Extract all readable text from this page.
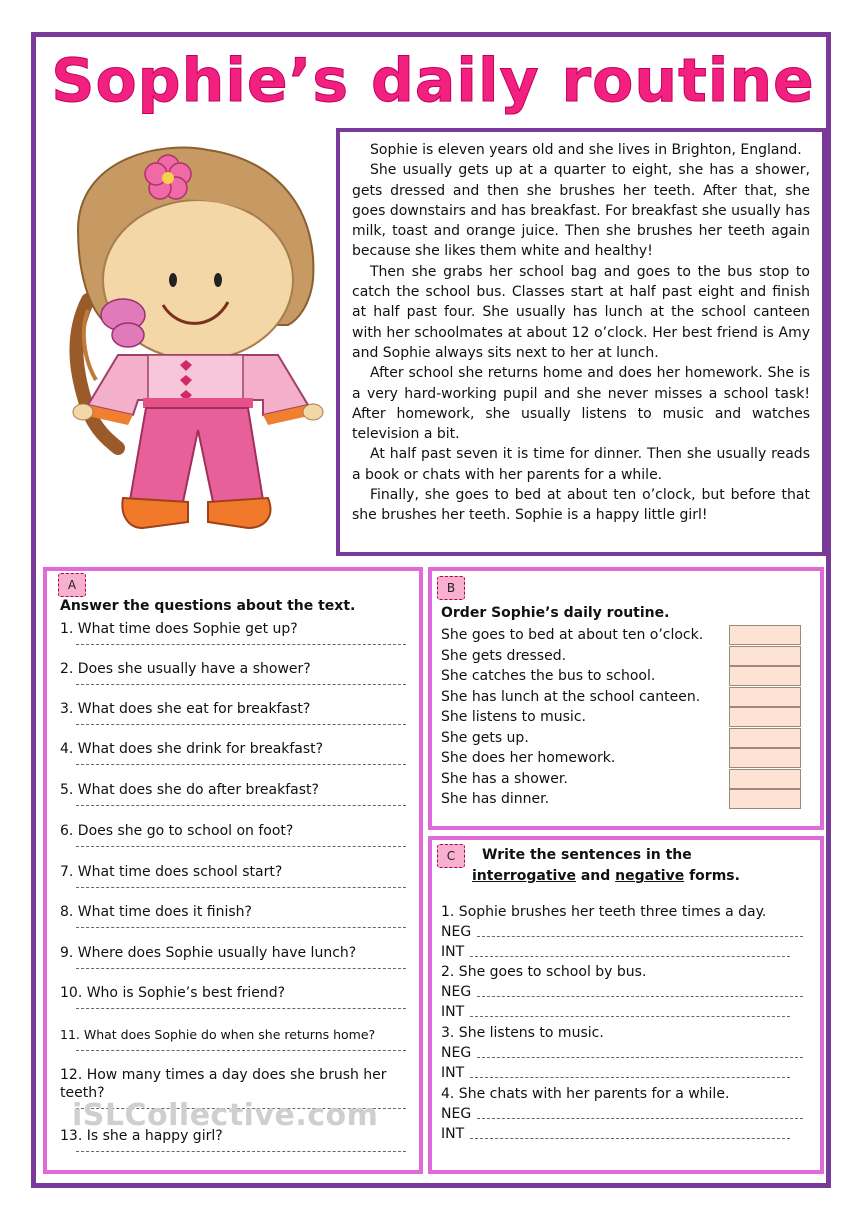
Sophie’s daily routine

Sophie is eleven years old and she lives in Brighton, England.

She usually gets up at a quarter to eight, she has a shower, gets dressed and then she brushes her teeth. After that, she goes downstairs and has breakfast. For breakfast she usually has milk, toast and orange juice. Then she brushes her teeth again because she likes them white and healthy!

Then she grabs her school bag and goes to the bus stop to catch the school bus. Classes start at half past eight and finish at half past four. She usually has lunch at the school canteen with her schoolmates at about 12 o’clock. Her best friend is Amy and Sophie always sits next to her at lunch.

After school she returns home and does her homework. She is a very hard-working pupil and she never misses a school task! After homework, she usually listens to music and watches television a bit.

At half past seven it is time for dinner. Then she usually reads a book or chats with her parents for a while.

Finally, she goes to bed at about ten o’clock, but before that she brushes her teeth. Sophie is a happy little girl!

A
Answer the questions about the text.
1. What time does Sophie get up?
2. Does she usually have a shower?
3. What does she eat for breakfast?
4. What does she drink for breakfast?
5. What does she do after breakfast?
6. Does she go to school on foot?
7. What time does school start?
8. What time does it finish?
9. Where does Sophie usually have lunch?
10. Who is Sophie’s best friend?
11. What does Sophie do when she returns home?
12. How many times a day does she brush her
teeth?
13. Is she a happy girl?
B
Order Sophie’s daily routine.
She goes to bed at about ten o’clock.
She gets dressed.
She catches the bus to school.
She has lunch at the school canteen.
She listens to music.
She gets up.
She does her homework.
She has a shower.
She has dinner.
C	Write the sentences in the
interrogative and negative forms.
1. Sophie brushes her teeth three times a day.
NEG
INT
2. She goes to school by bus.
NEG
INT
3. She listens to music.
NEG
INT
4. She chats with her parents for a while.
NEG
INT
iSLCollective.com
